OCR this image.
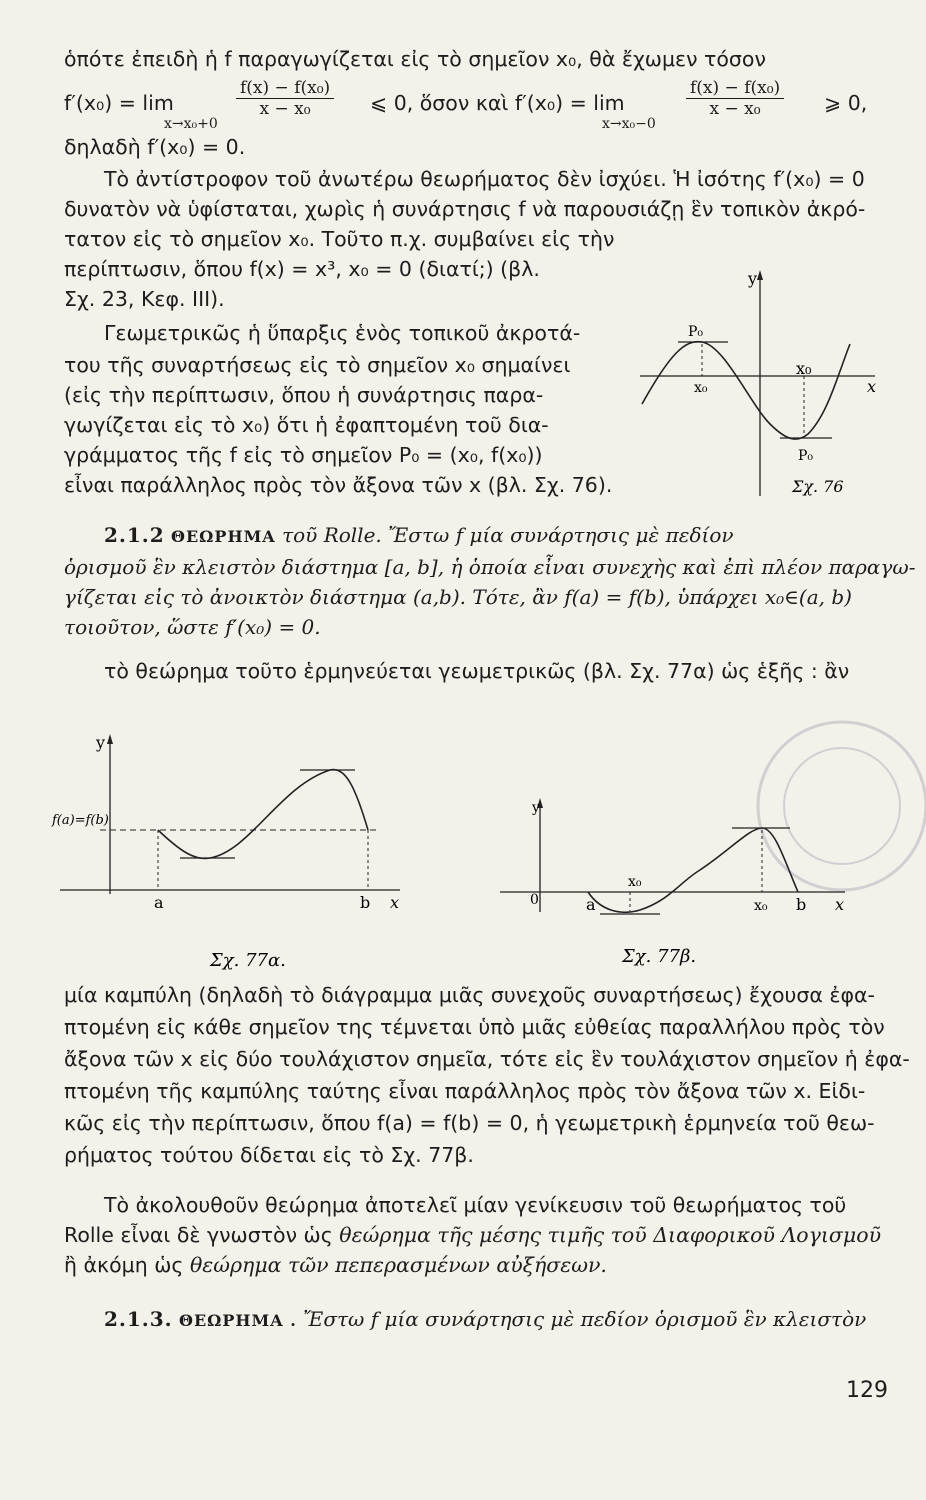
ὁπότε ἐπειδὴ ἡ f παραγωγίζεται εἰς τὸ σημεῖον x₀, θὰ ἔχωμεν τόσον
f′(x₀) = lim
x→x₀+0
$\frac{\text{f(x) − f(x₀)}}{\text{x − x₀}}$ ⩽ 0, ὅσον καὶ f′(x₀) = lim
x→x₀−0
$\frac{\text{f(x) − f(x₀)}}{\text{x − x₀}}$ ⩾ 0,
δηλαδὴ f′(x₀) = 0.
Τὸ ἀντίστροφον τοῦ ἀνωτέρω θεωρήματος δὲν ἰσχύει. Ἡ ἰσότης f′(x₀) = 0
δυνατὸν νὰ ὑφίσταται, χωρὶς ἡ συνάρτησις f νὰ παρουσιάζῃ ἓν τοπικὸν ἀκρό-
τατον εἰς τὸ σημεῖον x₀. Τοῦτο π.χ. συμβαίνει εἰς τὴν
περίπτωσιν, ὅπου f(x) = x³, x₀ = 0 (διατί;) (βλ.
Σχ. 23, Κεφ. III).
Γεωμετρικῶς ἡ ὕπαρξις ἑνὸς τοπικοῦ ἀκροτά-
του τῆς συναρτήσεως εἰς τὸ σημεῖον x₀ σημαίνει
(εἰς τὴν περίπτωσιν, ὅπου ἡ συνάρτησις παρα-
γωγίζεται εἰς τὸ x₀) ὅτι ἡ ἐφαπτομένη τοῦ δια-
γράμματος τῆς f εἰς τὸ σημεῖον P₀ = (x₀, f(x₀))
εἶναι παράλληλος πρὸς τὸν ἄξονα τῶν x (βλ. Σχ. 76).
y
x
x₀
x₀
P₀
P₀
Σχ. 76
2.1.2 ΘΕΩΡΗΜΑ τοῦ Rolle. Ἔστω f μία συνάρτησις μὲ πεδίον
ὁρισμοῦ ἓν κλειστὸν διάστημα [a, b], ἡ ὁποία εἶναι συνεχὴς καὶ ἐπὶ πλέον παραγω-
γίζεται εἰς τὸ ἀνοικτὸν διάστημα (a,b). Τότε, ἂν f(a) = f(b), ὑπάρχει x₀∈(a, b)
τοιοῦτον, ὥστε f′(x₀) = 0.
τὸ θεώρημα τοῦτο ἑρμηνεύεται γεωμετρικῶς (βλ. Σχ. 77α) ὡς ἑξῆς : ἂν
y
x
f(a)=f(b)
a	b
Σχ. 77α.
y
x
0	a	b
x₀
x₀
Σχ. 77β.
μία καμπύλη (δηλαδὴ τὸ διάγραμμα μιᾶς συνεχοῦς συναρτήσεως) ἔχουσα ἐφα-
πτομένη εἰς κάθε σημεῖον της τέμνεται ὑπὸ μιᾶς εὐθείας παραλλήλου πρὸς τὸν
ἄξονα τῶν x εἰς δύο τουλάχιστον σημεῖα, τότε εἰς ἓν τουλάχιστον σημεῖον ἡ ἐφα-
πτομένη τῆς καμπύλης ταύτης εἶναι παράλληλος πρὸς τὸν ἄξονα τῶν x. Εἰδι-
κῶς εἰς τὴν περίπτωσιν, ὅπου f(a) = f(b) = 0, ἡ γεωμετρικὴ ἑρμηνεία τοῦ θεω-
ρήματος τούτου δίδεται εἰς τὸ Σχ. 77β.
Τὸ ἀκολουθοῦν θεώρημα ἀποτελεῖ μίαν γενίκευσιν τοῦ θεωρήματος τοῦ
Rolle εἶναι δὲ γνωστὸν ὡς θεώρημα τῆς μέσης τιμῆς τοῦ Διαφορικοῦ Λογισμοῦ
ἢ ἀκόμη ὡς θεώρημα τῶν πεπερασμένων αὐξήσεων.
2.1.3. ΘΕΩΡΗΜΑ . Ἔστω f μία συνάρτησις μὲ πεδίον ὁρισμοῦ ἓν κλειστὸν
129
